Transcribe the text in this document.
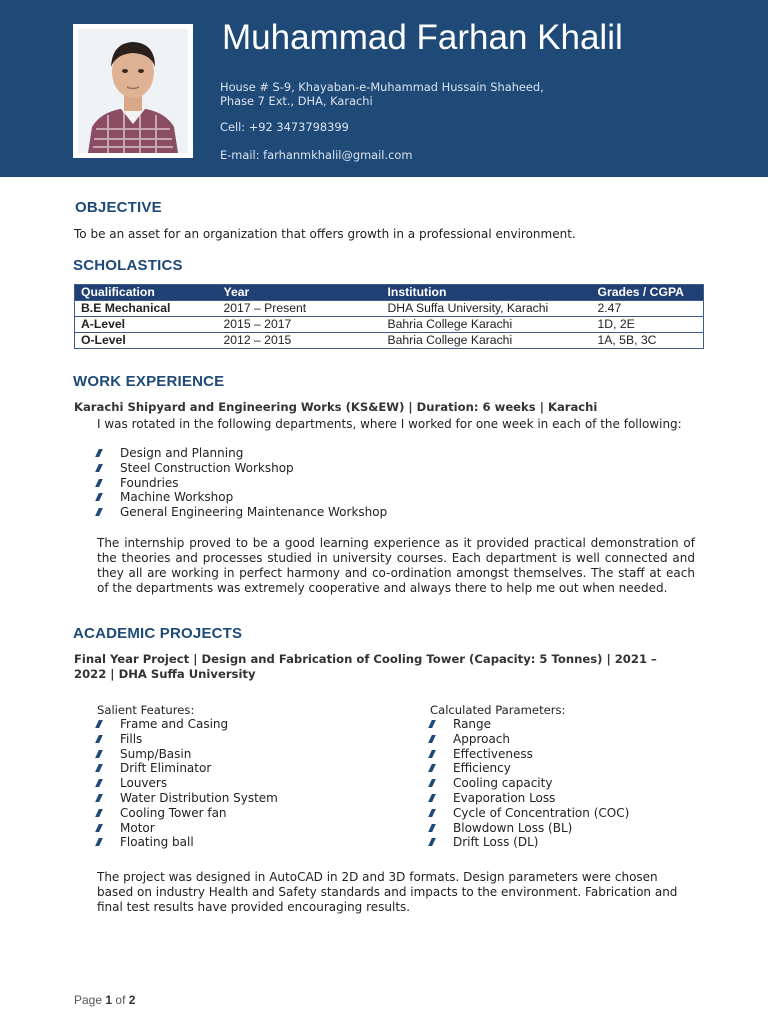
Muhammad Farhan Khalil
House # S-9, Khayaban-e-Muhammad Hussain Shaheed,
Phase 7 Ext., DHA, Karachi
Cell: +92 3473798399
E-mail: farhanmkhalil@gmail.com
OBJECTIVE
To be an asset for an organization that offers growth in a professional environment.
SCHOLASTICS
Qualification	Year	Institution	Grades / CGPA
B.E Mechanical	2017 – Present	DHA Suffa University, Karachi	2.47
A-Level	2015 – 2017	Bahria College Karachi	1D, 2E
O-Level	2012 – 2015	Bahria College Karachi	1A, 5B, 3C
WORK EXPERIENCE
Karachi Shipyard and Engineering Works (KS&EW) | Duration: 6 weeks | Karachi
I was rotated in the following departments, where I worked for one week in each of the following:
Design and Planning
Steel Construction Workshop
Foundries
Machine Workshop
General Engineering Maintenance Workshop
The internship proved to be a good learning experience as it provided practical demonstration of the theories and processes studied in university courses. Each department is well connected and they all are working in perfect harmony and co-ordination amongst themselves. The staff at each of the departments was extremely cooperative and always there to help me out when needed.
ACADEMIC PROJECTS
Final Year Project | Design and Fabrication of Cooling Tower (Capacity: 5 Tonnes) | 2021 –
2022 | DHA Suffa University
Salient Features:
Frame and Casing
Fills
Sump/Basin
Drift Eliminator
Louvers
Water Distribution System
Cooling Tower fan
Motor
Floating ball
Calculated Parameters:
Range
Approach
Effectiveness
Efficiency
Cooling capacity
Evaporation Loss
Cycle of Concentration (COC)
Blowdown Loss (BL)
Drift Loss (DL)
The project was designed in AutoCAD in 2D and 3D formats. Design parameters were chosen based on industry Health and Safety standards and impacts to the environment. Fabrication and final test results have provided encouraging results.
Page 1 of 2
